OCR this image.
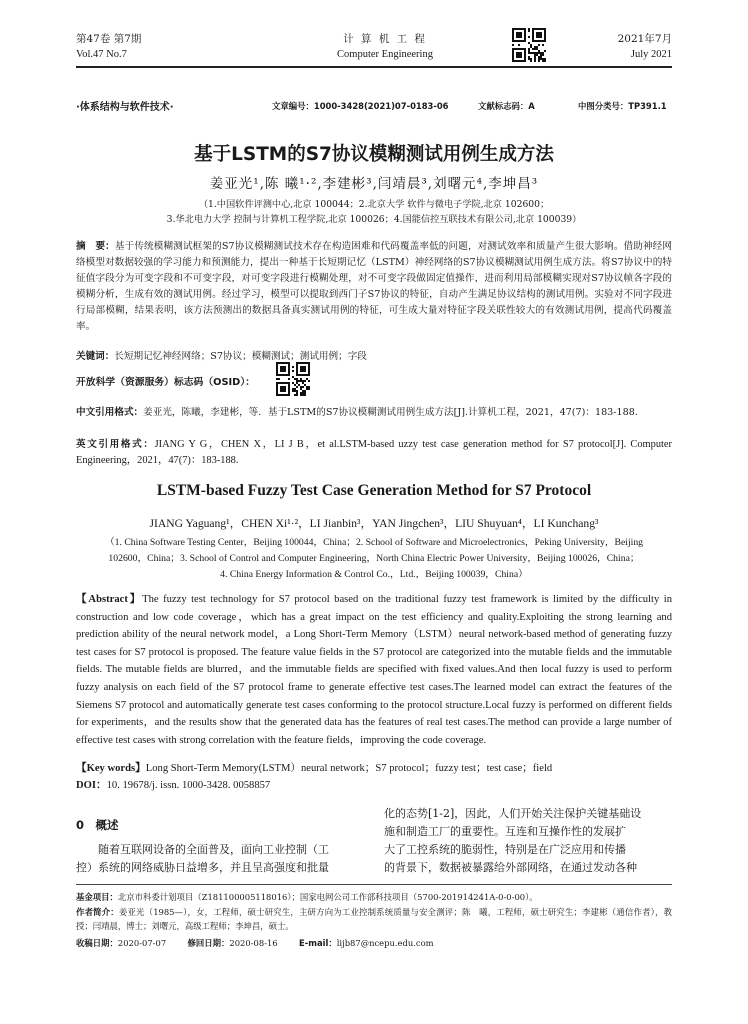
第47卷 第7期
Vol.47 No.7
计 算 机 工 程
Computer Engineering
2021年7月
July 2021
·体系结构与软件技术·	文章编号：1000-3428(2021)07-0183-06	文献标志码：A	中图分类号：TP391.1
基于LSTM的S7协议模糊测试用例生成方法
姜亚光¹,陈 曦¹·²,李建彬³,闫靖晨³,刘曙元⁴,李坤昌³
（1.中国软件评测中心,北京 100044；2.北京大学 软件与微电子学院,北京 102600；
3.华北电力大学 控制与计算机工程学院,北京 100026；4.国能信控互联技术有限公司,北京 100039）
摘　要：基于传统模糊测试框架的S7协议模糊测试技术存在构造困难和代码覆盖率低的问题，对测试效率和质量产生很大影响。借助神经网络模型对数据较强的学习能力和预测能力，提出一种基于长短期记忆（LSTM）神经网络的S7协议模糊测试用例生成方法。将S7协议中的特征值字段分为可变字段和不可变字段，对可变字段进行模糊处理，对不可变字段做固定值操作，进而利用局部模糊实现对S7协议帧各字段的模糊分析，生成有效的测试用例。经过学习，模型可以提取到西门子S7协议的特征，自动产生满足协议结构的测试用例。实验对不同字段进行局部模糊，结果表明，该方法预测出的数据具备真实测试用例的特征，可生成大量对特征字段关联性较大的有效测试用例，提高代码覆盖率。
关键词：长短期记忆神经网络；S7协议；模糊测试；测试用例；字段
开放科学（资源服务）标志码（OSID）：
中文引用格式：姜亚光，陈曦，李建彬，等．基于LSTM的S7协议模糊测试用例生成方法[J].计算机工程，2021，47(7)：183-188.
英文引用格式：JIANG Y G，CHEN X，LI J B，et al.LSTM-based uzzy test case generation method for S7 protocol[J]. Computer Engineering，2021，47(7)：183-188.
LSTM-based Fuzzy Test Case Generation Method for S7 Protocol
JIANG Yaguang¹，CHEN Xi¹·²，LI Jianbin³，YAN Jingchen³，LIU Shuyuan⁴，LI Kunchang³
（1. China Software Testing Center，Beijing 100044，China；2. School of Software and Microelectronics，Peking University，Beijing
102600，China；3. School of Control and Computer Engineering，North China Electric Power University，Beijing 100026，China；
4. China Energy Information & Control Co.，Ltd.，Beijing 100039，China）
【Abstract】The fuzzy test technology for S7 protocol based on the traditional fuzzy test framework is limited by the difficulty in construction and low code coverage，which has a great impact on the test efficiency and quality.Exploiting the strong learning and prediction ability of the neural network model，a Long Short-Term Memory（LSTM）neural network-based method of generating fuzzy test cases for S7 protocol is proposed. The feature value fields in the S7 protocol are categorized into the mutable fields and the immutable fields. The mutable fields are blurred，and the immutable fields are specified with fixed values.And then local fuzzy is used to perform fuzzy analysis on each field of the S7 protocol frame to generate effective test cases.The learned model can extract the features of the Siemens S7 protocol and automatically generate test cases conforming to the protocol structure.Local fuzzy is performed on different fields for experiments，and the results show that the generated data has the features of real test cases.The method can provide a large number of effective test cases with strong correlation with the feature fields，improving the code coverage.
【Key words】Long Short-Term Memory(LSTM）neural network；S7 protocol；fuzzy test；test case；field
DOI：10. 19678/j. issn. 1000-3428. 0058857
0　概述
　　随着互联网设备的全面普及，面向工业控制（工
控）系统的网络威胁日益增多，并且呈高强度和批量
化的态势[1-2]，因此，人们开始关注保护关键基础设
施和制造工厂的重要性。互连和互操作性的发展扩
大了工控系统的脆弱性，特别是在广泛应用和传播
的背景下，数据被暴露给外部网络，在通过发动各种
基金项目：北京市科委计划项目（Z181100005118016）；国家电网公司工作部科技项目（5700-201914241A-0-0-00）。
作者简介：姜亚光（1985—），女，工程师，硕士研究生，主研方向为工业控制系统质量与安全测评；陈　曦，工程师，硕士研究生；李建彬（通信作者），教授；闫靖晨，博士；刘曙元，高级工程师；李坤昌，硕士。
收稿日期：2020-07-07	修回日期：2020-08-16	E-mail：lijb87@ncepu.edu.com
